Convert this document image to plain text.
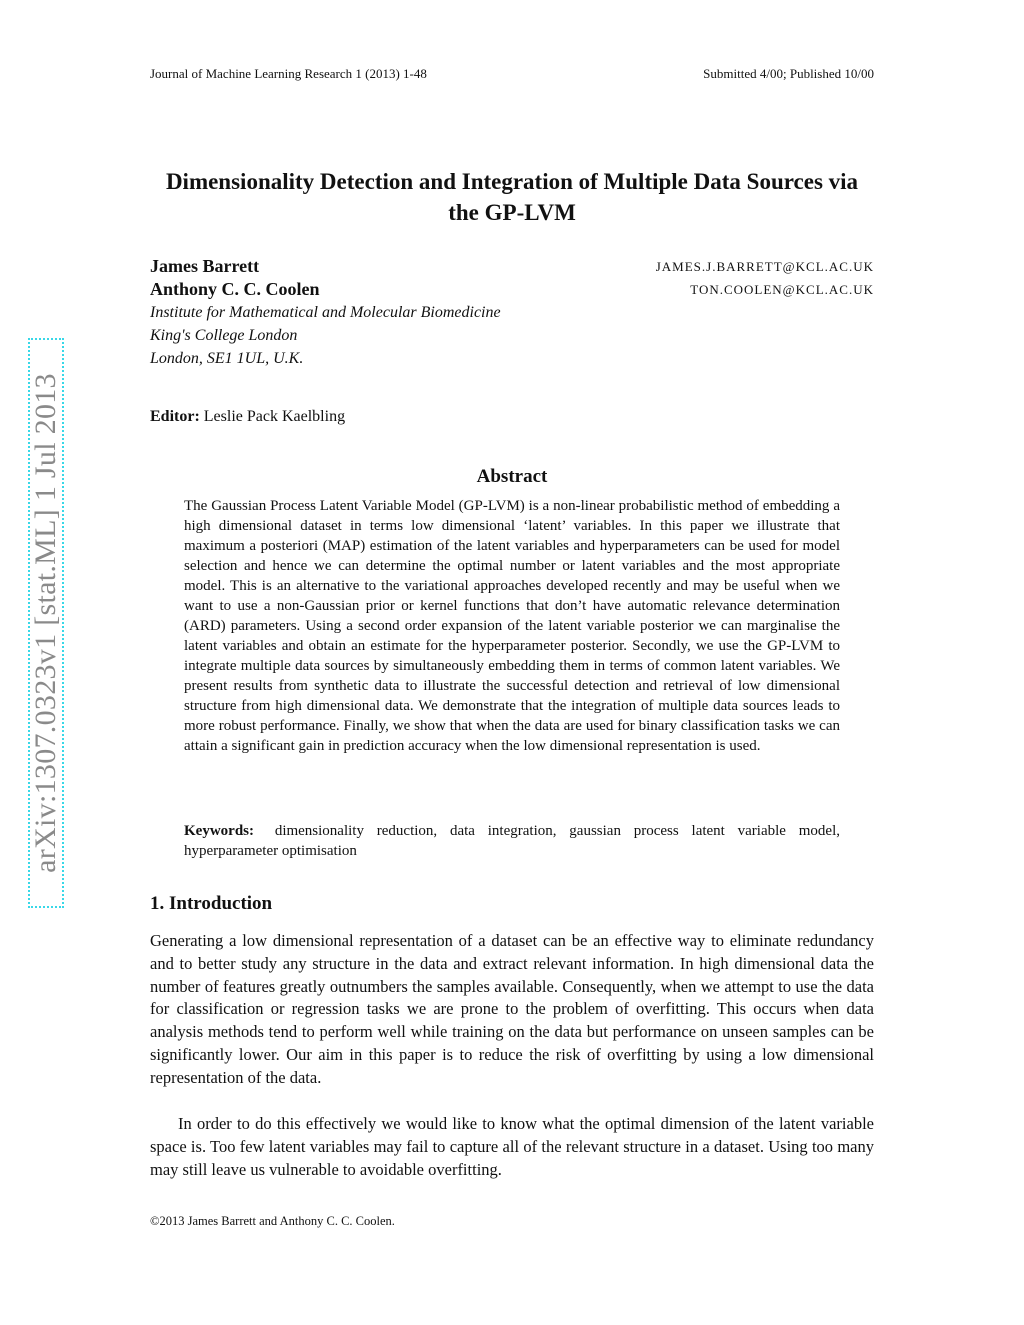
Journal of Machine Learning Research 1 (2013) 1-48	Submitted 4/00; Published 10/00
arXiv:1307.0323v1 [stat.ML] 1 Jul 2013
Dimensionality Detection and Integration of Multiple Data Sources via the GP-LVM
James Barrett	JAMES.J.BARRETT@KCL.AC.UK
Anthony C. C. Coolen	TON.COOLEN@KCL.AC.UK
Institute for Mathematical and Molecular Biomedicine
King's College London
London, SE1 1UL, U.K.
Editor: Leslie Pack Kaelbling
Abstract
The Gaussian Process Latent Variable Model (GP-LVM) is a non-linear probabilistic method of embedding a high dimensional dataset in terms low dimensional ‘latent’ variables. In this paper we illustrate that maximum a posteriori (MAP) estimation of the latent variables and hyperparameters can be used for model selection and hence we can determine the optimal number or latent variables and the most appropriate model. This is an alternative to the variational approaches developed recently and may be useful when we want to use a non-Gaussian prior or kernel functions that don’t have automatic relevance determination (ARD) parameters. Using a second order expansion of the latent variable posterior we can marginalise the latent variables and obtain an estimate for the hyperparameter posterior. Secondly, we use the GP-LVM to integrate multiple data sources by simultaneously embedding them in terms of common latent variables. We present results from synthetic data to illustrate the successful detection and retrieval of low dimensional structure from high dimensional data. We demonstrate that the integration of multiple data sources leads to more robust performance. Finally, we show that when the data are used for binary classification tasks we can attain a significant gain in prediction accuracy when the low dimensional representation is used.
Keywords: dimensionality reduction, data integration, gaussian process latent variable model, hyperparameter optimisation
1. Introduction
Generating a low dimensional representation of a dataset can be an effective way to eliminate redundancy and to better study any structure in the data and extract relevant information. In high dimensional data the number of features greatly outnumbers the samples available. Consequently, when we attempt to use the data for classification or regression tasks we are prone to the problem of overfitting. This occurs when data analysis methods tend to perform well while training on the data but performance on unseen samples can be significantly lower. Our aim in this paper is to reduce the risk of overfitting by using a low dimensional representation of the data.
In order to do this effectively we would like to know what the optimal dimension of the latent variable space is. Too few latent variables may fail to capture all of the relevant structure in a dataset. Using too many may still leave us vulnerable to avoidable overfitting.
©2013 James Barrett and Anthony C. C. Coolen.
